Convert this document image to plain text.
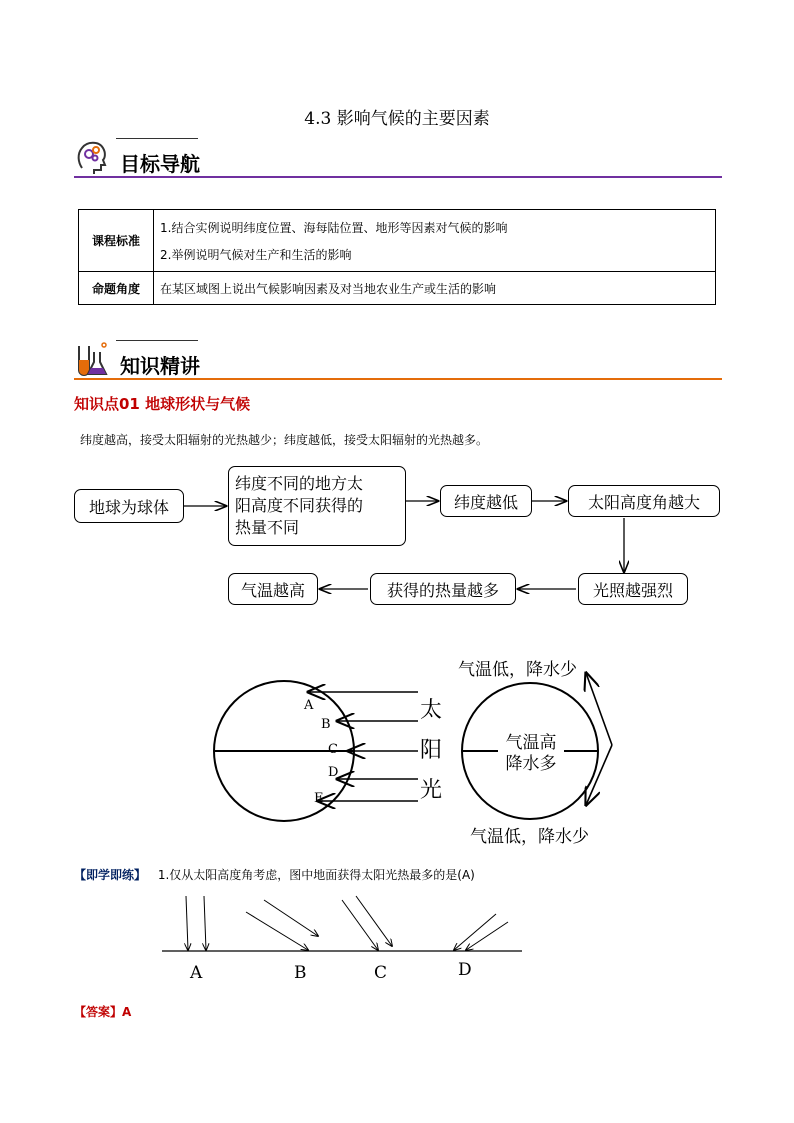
4.3 影响气候的主要因素
目标导航
课程标准	1.结合实例说明纬度位置、海每陆位置、地形等因素对气候的影响
2.举例说明气候对生产和生活的影响

命题角度	在某区域图上说出气候影响因素及对当地农业生产或生活的影响
知识精讲
知识点01 地球形状与气候
纬度越高，接受太阳辐射的光热越少；纬度越低，接受太阳辐射的光热越多。
地球为球体
纬度不同的地方太
阳高度不同获得的
热量不同
纬度越低	太阳高度角越大
光照越强烈
获得的热量越多
气温越高
A
B
C
D
E
太
阳
光
气温高
降水多
气温低，降水少
气温低，降水少
【即学即练】 1.仅从太阳高度角考虑，图中地面获得太阳光热最多的是(A)
A	B	C	D
【答案】A
